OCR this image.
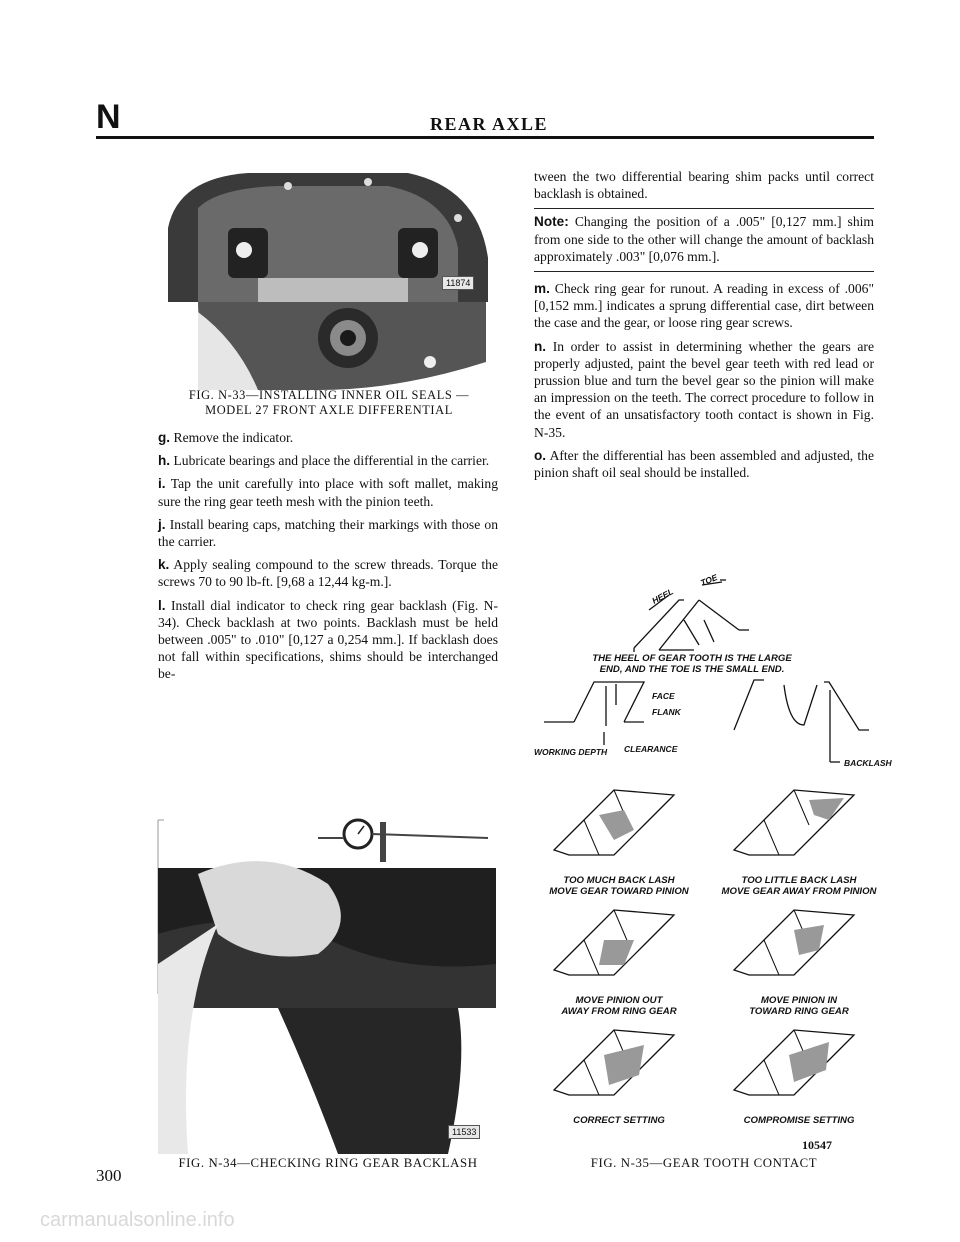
N	REAR AXLE
11874
FIG. N-33—INSTALLING INNER OIL SEALS —
MODEL 27 FRONT AXLE DIFFERENTIAL

g. Remove the indicator.

h. Lubricate bearings and place the differential in the carrier.

i. Tap the unit carefully into place with soft mallet, making sure the ring gear teeth mesh with the pinion teeth.

j. Install bearing caps, matching their markings with those on the carrier.

k. Apply sealing compound to the screw threads. Torque the screws 70 to 90 lb-ft. [9,68 a 12,44 kg-m.].

l. Install dial indicator to check ring gear backlash (Fig. N-34). Check backlash at two points. Backlash must be held between .005" to .010" [0,127 a 0,254 mm.]. If backlash does not fall within specifications, shims should be interchanged be-

11533
FIG. N-34—CHECKING RING GEAR BACKLASH

tween the two differential bearing shim packs until correct backlash is obtained.

Note: Changing the position of a .005" [0,127 mm.] shim from one side to the other will change the amount of backlash approximately .003" [0,076 mm.].

m. Check ring gear for runout. A reading in excess of .006" [0,152 mm.] indicates a sprung differential case, dirt between the case and the gear, or loose ring gear screws.

n. In order to assist in determining whether the gears are properly adjusted, paint the bevel gear teeth with red lead or prussion blue and turn the bevel gear so the pinion will make an impression on the teeth. The correct procedure to follow in the event of an unsatisfactory tooth contact is shown in Fig. N-35.

o. After the differential has been assembled and adjusted, the pinion shaft oil seal should be installed.

HEEL
TOE
THE HEEL OF GEAR TOOTH IS THE LARGE
END, AND THE TOE IS THE SMALL END.
FACE
FLANK
WORKING DEPTH CLEARANCE
BACKLASH
TOO MUCH BACK LASH
MOVE GEAR TOWARD PINION
TOO LITTLE BACK LASH
MOVE GEAR AWAY FROM PINION
MOVE PINION OUT
AWAY FROM RING GEAR
MOVE PINION IN
TOWARD RING GEAR
CORRECT SETTING	COMPROMISE SETTING
10547
FIG. N-35—GEAR TOOTH CONTACT
300
carmanualsonline.info
